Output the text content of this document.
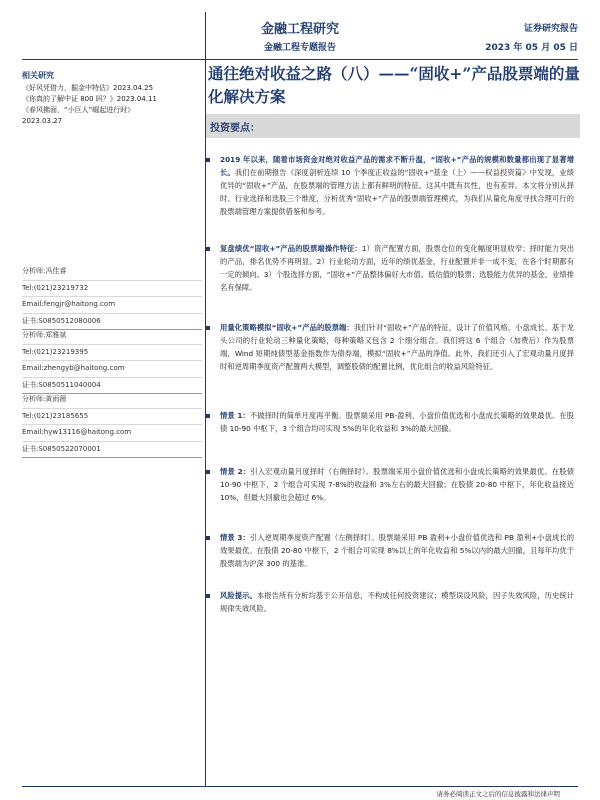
金融工程研究
金融工程专题报告
证券研究报告
2023 年 05 月 05 日
相关研究
《好风凭借力，掘金中特估》2023.04.25
《你真的了解中证 800 吗？》2023.04.11
《春风拂面，“小巨人”崛起进行时》
2023.03.27
分析师:冯佳睿
Tel:(021)23219732
Email:fengjr@haitong.com
证书:S0850512080006
分析师:郑雅斌
Tel:(021)23219395
Email:zhengyb@haitong.com
证书:S0850511040004
分析师:黄雨薇
Tel:(021)23185655
Email:hyw13116@haitong.com
证书:S0850522070001
通往绝对收益之路（八）——“固收+”产品股票端的量化解决方案
投资要点：
2019 年以来，随着市场资金对绝对收益产品的需求不断升温，“固收+”产品的规模和数量都出现了显著增长。我们在前期报告《深度剖析连续 10 个季度正收益的“固收+”基金（上）——权益投资篇》中发现，业绩优异的“固收+”产品，在股票端的管理方法上都有鲜明的特征。这其中既有共性，也有差异。本文将分别从择时、行业选择和选股三个维度，分析优秀“固收+”产品的股票端管理模式，为我们从量化角度寻找合理可行的股票端管理方案提供借鉴和参考。
复盘绩优“固收+”产品的股票端操作特征：1）资产配置方面，股票仓位的变化幅度明显收窄；择时能力突出的产品，排名优势不再明显。2）行业轮动方面，近年的绩优基金，行业配置并非一成不变，在各个时期都有一定的倾向。3）个股选择方面，“固收+”产品整体偏好大市值、低估值的股票；选股能力优异的基金，业绩排名有保障。
用量化策略模拟“固收+”产品的股票端：我们针对“固收+”产品的特征，设计了价值风格、小盘成长、基于龙头公司的行业轮动三种量化策略，每种策略又包含 2 个细分组合。我们将这 6 个组合（加费后）作为股票端，Wind 短期纯债型基金指数作为债券端，模拟“固收+”产品的净值。此外，我们还引入了宏观动量月度择时和逆周期季度资产配置两大模型，调整股债的配置比例，优化组合的收益风险特征。
情景 1：不做择时的简单月度再平衡。股票端采用 PB-盈利、小盘价值优选和小盘成长策略的效果最优。在股债 10-90 中枢下，3 个组合均可实现 5%的年化收益和 3%的最大回撤。
情景 2：引入宏观动量月度择时（右侧择时）。股票端采用小盘价值优选和小盘成长策略的效果最优。在股债 10-90 中枢下，2 个组合可实现 7-8%的收益和 3%左右的最大回撤；在股债 20-80 中枢下，年化收益接近 10%，但最大回撤也会超过 6%。
情景 3：引入逆周期季度资产配置（左侧择时）。股票端采用 PB 盈利+小盘价值优选和 PB 盈利+小盘成长的效果最优。在股债 20-80 中枢下，2 个组合可实现 8%以上的年化收益和 5%以内的最大回撤，且每年均优于股票端为沪深 300 的基准。
风险提示。本报告所有分析均基于公开信息，不构成任何投资建议；模型误设风险，因子失效风险，历史统计规律失效风险。
请务必阅读正文之后的信息披露和法律声明
